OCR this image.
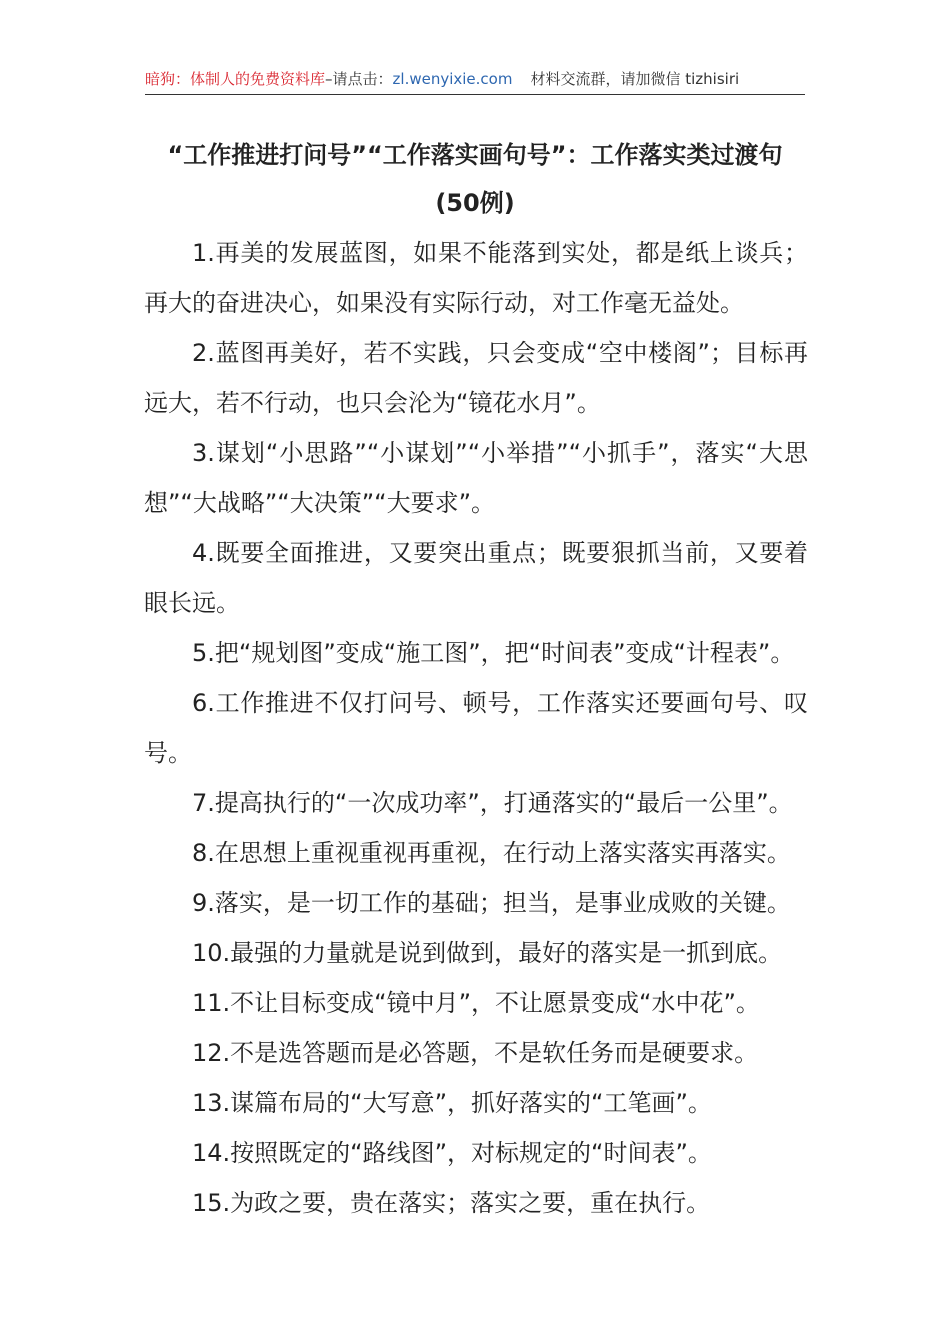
暗狗：体制人的免费资料库–请点击：zl.wenyixie.com 材料交流群，请加微信 tizhisiri
“工作推进打问号”“工作落实画句号”：工作落实类过渡句
(50例)

1.再美的发展蓝图，如果不能落到实处，都是纸上谈兵；再大的奋进决心，如果没有实际行动，对工作毫无益处。

2.蓝图再美好，若不实践，只会变成“空中楼阁”；目标再远大，若不行动，也只会沦为“镜花水月”。

3.谋划“小思路”“小谋划”“小举措”“小抓手”，落实“大思想”“大战略”“大决策”“大要求”。

4.既要全面推进，又要突出重点；既要狠抓当前，又要着眼长远。

5.把“规划图”变成“施工图”，把“时间表”变成“计程表”。

6.工作推进不仅打问号、顿号，工作落实还要画句号、叹号。

7.提高执行的“一次成功率”，打通落实的“最后一公里”。

8.在思想上重视重视再重视，在行动上落实落实再落实。

9.落实，是一切工作的基础；担当，是事业成败的关键。

10.最强的力量就是说到做到，最好的落实是一抓到底。

11.不让目标变成“镜中月”，不让愿景变成“水中花”。

12.不是选答题而是必答题，不是软任务而是硬要求。

13.谋篇布局的“大写意”，抓好落实的“工笔画”。

14.按照既定的“路线图”，对标规定的“时间表”。

15.为政之要，贵在落实；落实之要，重在执行。
